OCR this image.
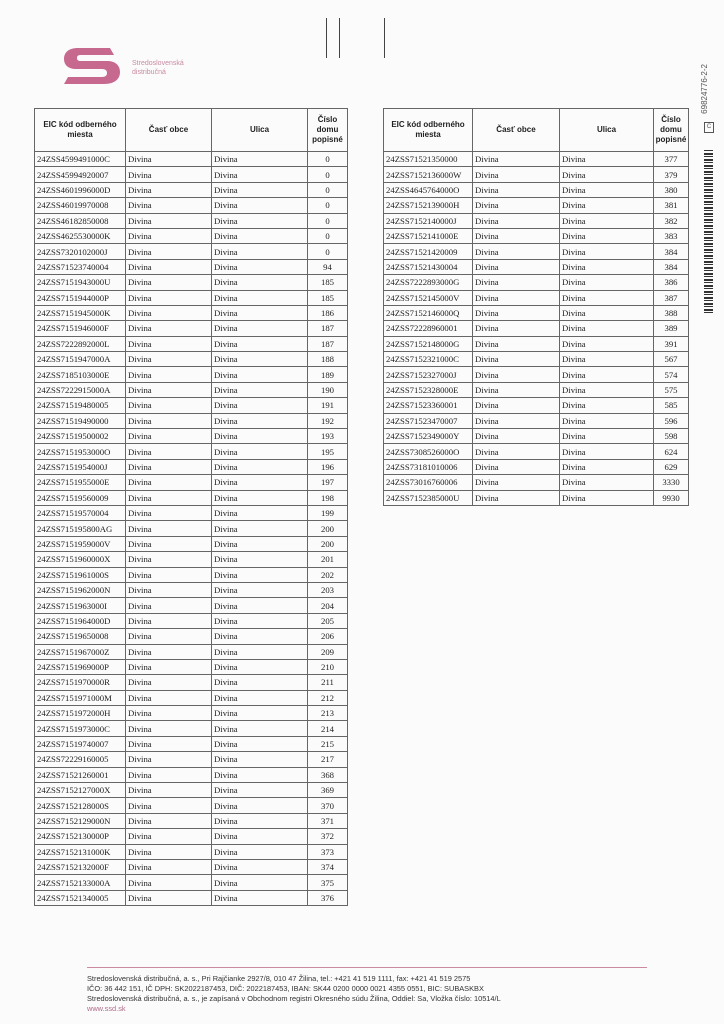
Stredoslovenská
distribučná	69824776-2-2
C
EIC kód odberného miesta	Časť obce	Ulica	Číslo domu popisné
24ZSS4599491000C	Divina	Divina	0
24ZSS45994920007	Divina	Divina	0
24ZSS4601996000D	Divina	Divina	0
24ZSS46019970008	Divina	Divina	0
24ZSS46182850008	Divina	Divina	0
24ZSS4625530000K	Divina	Divina	0
24ZSS7320102000J	Divina	Divina	0
24ZSS71523740004	Divina	Divina	94
24ZSS7151943000U	Divina	Divina	185
24ZSS7151944000P	Divina	Divina	185
24ZSS7151945000K	Divina	Divina	186
24ZSS7151946000F	Divina	Divina	187
24ZSS7222892000L	Divina	Divina	187
24ZSS7151947000A	Divina	Divina	188
24ZSS7185103000E	Divina	Divina	189
24ZSS7222915000A	Divina	Divina	190
24ZSS71519480005	Divina	Divina	191
24ZSS71519490000	Divina	Divina	192
24ZSS71519500002	Divina	Divina	193
24ZSS7151953000O	Divina	Divina	195
24ZSS7151954000J	Divina	Divina	196
24ZSS7151955000E	Divina	Divina	197
24ZSS71519560009	Divina	Divina	198
24ZSS71519570004	Divina	Divina	199
24ZSS715195800AG	Divina	Divina	200
24ZSS7151959000V	Divina	Divina	200
24ZSS7151960000X	Divina	Divina	201
24ZSS7151961000S	Divina	Divina	202
24ZSS7151962000N	Divina	Divina	203
24ZSS7151963000I	Divina	Divina	204
24ZSS7151964000D	Divina	Divina	205
24ZSS71519650008	Divina	Divina	206
24ZSS7151967000Z	Divina	Divina	209
24ZSS7151969000P	Divina	Divina	210
24ZSS7151970000R	Divina	Divina	211
24ZSS7151971000M	Divina	Divina	212
24ZSS7151972000H	Divina	Divina	213
24ZSS7151973000C	Divina	Divina	214
24ZSS71519740007	Divina	Divina	215
24ZSS72229160005	Divina	Divina	217
24ZSS71521260001	Divina	Divina	368
24ZSS7152127000X	Divina	Divina	369
24ZSS7152128000S	Divina	Divina	370
24ZSS7152129000N	Divina	Divina	371
24ZSS7152130000P	Divina	Divina	372
24ZSS7152131000K	Divina	Divina	373
24ZSS7152132000F	Divina	Divina	374
24ZSS7152133000A	Divina	Divina	375
24ZSS71521340005	Divina	Divina	376
EIC kód odberného miesta	Časť obce	Ulica	Číslo domu popisné
24ZSS71521350000	Divina	Divina	377
24ZSS7152136000W	Divina	Divina	379
24ZSS4645764000O	Divina	Divina	380
24ZSS7152139000H	Divina	Divina	381
24ZSS7152140000J	Divina	Divina	382
24ZSS7152141000E	Divina	Divina	383
24ZSS71521420009	Divina	Divina	384
24ZSS71521430004	Divina	Divina	384
24ZSS7222893000G	Divina	Divina	386
24ZSS7152145000V	Divina	Divina	387
24ZSS7152146000Q	Divina	Divina	388
24ZSS72228960001	Divina	Divina	389
24ZSS7152148000G	Divina	Divina	391
24ZSS7152321000C	Divina	Divina	567
24ZSS7152327000J	Divina	Divina	574
24ZSS7152328000E	Divina	Divina	575
24ZSS71523360001	Divina	Divina	585
24ZSS71523470007	Divina	Divina	596
24ZSS7152349000Y	Divina	Divina	598
24ZSS7308526000O	Divina	Divina	624
24ZSS73181010006	Divina	Divina	629
24ZSS73016760006	Divina	Divina	3330
24ZSS7152385000U	Divina	Divina	9930
Stredoslovenská distribučná, a. s., Pri Rajčianke 2927/8, 010 47 Žilina, tel.: +421 41 519 1111, fax: +421 41 519 2575
IČO: 36 442 151, IČ DPH: SK2022187453, DIČ: 2022187453, IBAN: SK44 0200 0000 0021 4355 0551, BIC: SUBASKBX
Stredoslovenská distribučná, a. s., je zapísaná v Obchodnom registri Okresného súdu Žilina, Oddiel: Sa, Vložka číslo: 10514/L
www.ssd.sk
